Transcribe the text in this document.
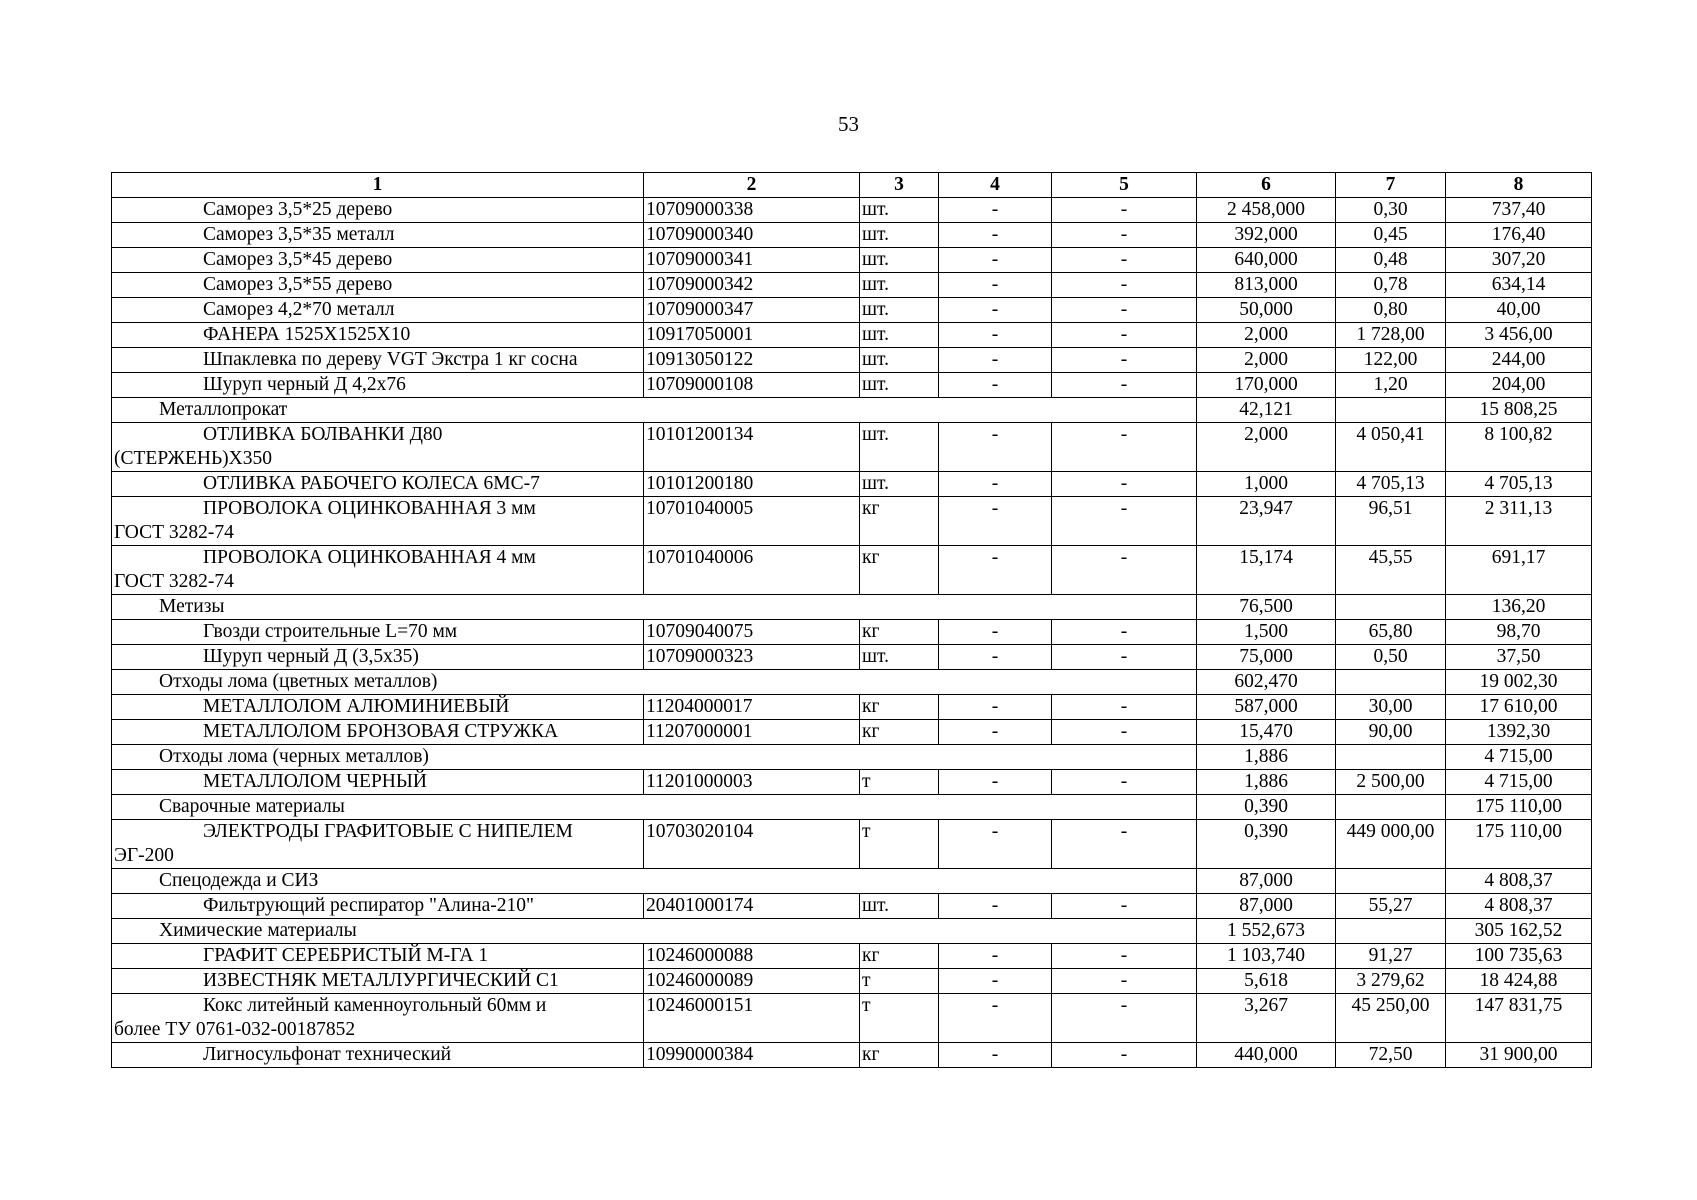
53
1	2	3	4	5	6	7	8

Саморез 3,5*25 дерево	10709000338	шт.	-	-	2 458,000	0,30	737,40

Саморез 3,5*35 металл	10709000340	шт.	-	-	392,000	0,45	176,40

Саморез 3,5*45 дерево	10709000341	шт.	-	-	640,000	0,48	307,20

Саморез 3,5*55 дерево	10709000342	шт.	-	-	813,000	0,78	634,14

Саморез 4,2*70 металл	10709000347	шт.	-	-	50,000	0,80	40,00

ФАНЕРА 1525Х1525Х10	10917050001	шт.	-	-	2,000	1 728,00	3 456,00

Шпаклевка по дереву VGT Экстра 1 кг сосна	10913050122	шт.	-	-	2,000	122,00	244,00

Шуруп черный Д 4,2х76	10709000108	шт.	-	-	170,000	1,20	204,00

Металлопрокат					42,121		15 808,25

ОТЛИВКА БОЛВАНКИ Д80
(СТЕРЖЕНЬ)Х350	10101200134	шт.	-	-	2,000	4 050,41	8 100,82

ОТЛИВКА РАБОЧЕГО КОЛЕСА 6МС-7	10101200180	шт.	-	-	1,000	4 705,13	4 705,13

ПРОВОЛОКА ОЦИНКОВАННАЯ 3 мм
ГОСТ 3282-74	10701040005	кг	-	-	23,947	96,51	2 311,13

ПРОВОЛОКА ОЦИНКОВАННАЯ 4 мм
ГОСТ 3282-74	10701040006	кг	-	-	15,174	45,55	691,17

Метизы					76,500		136,20

Гвозди строительные L=70 мм	10709040075	кг	-	-	1,500	65,80	98,70

Шуруп черный Д (3,5х35)	10709000323	шт.	-	-	75,000	0,50	37,50

Отходы лома (цветных металлов)					602,470		19 002,30

МЕТАЛЛОЛОМ АЛЮМИНИЕВЫЙ	11204000017	кг	-	-	587,000	30,00	17 610,00

МЕТАЛЛОЛОМ БРОНЗОВАЯ СТРУЖКА	11207000001	кг	-	-	15,470	90,00	1392,30

Отходы лома (черных металлов)					1,886		4 715,00

МЕТАЛЛОЛОМ ЧЕРНЫЙ	11201000003	т	-	-	1,886	2 500,00	4 715,00

Сварочные материалы					0,390		175 110,00

ЭЛЕКТРОДЫ ГРАФИТОВЫЕ С НИПЕЛЕМ
ЭГ-200	10703020104	т	-	-	0,390	449 000,00	175 110,00

Спецодежда и СИЗ					87,000		4 808,37

Фильтрующий респиратор "Алина-210"	20401000174	шт.	-	-	87,000	55,27	4 808,37

Химические материалы					1 552,673		305 162,52

ГРАФИТ СЕРЕБРИСТЫЙ М-ГА 1	10246000088	кг	-	-	1 103,740	91,27	100 735,63

ИЗВЕСТНЯК МЕТАЛЛУРГИЧЕСКИЙ С1	10246000089	т	-	-	5,618	3 279,62	18 424,88

Кокс литейный каменноугольный 60мм и
более ТУ 0761-032-00187852	10246000151	т	-	-	3,267	45 250,00	147 831,75

Лигносульфонат технический	10990000384	кг	-	-	440,000	72,50	31 900,00
